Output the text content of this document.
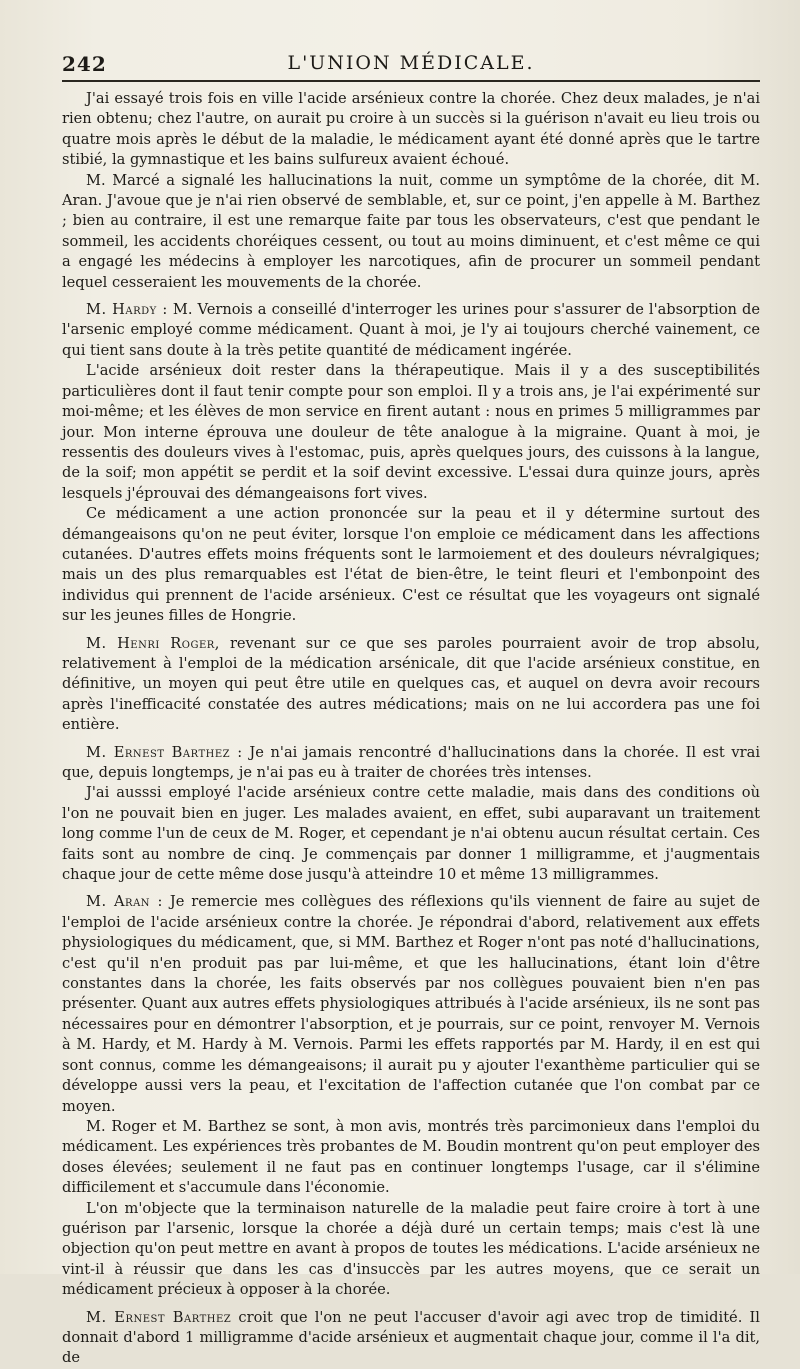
242	L'UNION MÉDICALE.

J'ai essayé trois fois en ville l'acide arsénieux contre la chorée. Chez deux malades, je n'ai rien obtenu; chez l'autre, on aurait pu croire à un succès si la guérison n'avait eu lieu trois ou quatre mois après le début de la maladie, le médicament ayant été donné après que le tartre stibié, la gymnastique et les bains sulfureux avaient échoué.

M. Marcé a signalé les hallucinations la nuit, comme un symptôme de la chorée, dit M. Aran. J'avoue que je n'ai rien observé de semblable, et, sur ce point, j'en appelle à M. Barthez ; bien au contraire, il est une remarque faite par tous les observateurs, c'est que pendant le sommeil, les accidents choréiques cessent, ou tout au moins diminuent, et c'est même ce qui a engagé les médecins à employer les narcotiques, afin de procurer un sommeil pendant lequel cesseraient les mouvements de la chorée.

M. Hardy : M. Vernois a conseillé d'interroger les urines pour s'assurer de l'absorption de l'arsenic employé comme médicament. Quant à moi, je l'y ai toujours cherché vainement, ce qui tient sans doute à la très petite quantité de médicament ingérée.

L'acide arsénieux doit rester dans la thérapeutique. Mais il y a des susceptibilités particulières dont il faut tenir compte pour son emploi. Il y a trois ans, je l'ai expérimenté sur moi-même; et les élèves de mon service en firent autant : nous en primes 5 milligrammes par jour. Mon interne éprouva une douleur de tête analogue à la migraine. Quant à moi, je ressentis des douleurs vives à l'estomac, puis, après quelques jours, des cuissons à la langue, de la soif; mon appétit se perdit et la soif devint excessive. L'essai dura quinze jours, après lesquels j'éprouvai des démangeaisons fort vives.

Ce médicament a une action prononcée sur la peau et il y détermine surtout des démangeaisons qu'on ne peut éviter, lorsque l'on emploie ce médicament dans les affections cutanées. D'autres effets moins fréquents sont le larmoiement et des douleurs névralgiques; mais un des plus remarquables est l'état de bien-être, le teint fleuri et l'embonpoint des individus qui prennent de l'acide arsénieux. C'est ce résultat que les voyageurs ont signalé sur les jeunes filles de Hongrie.

M. Henri Roger, revenant sur ce que ses paroles pourraient avoir de trop absolu, relativement à l'emploi de la médication arsénicale, dit que l'acide arsénieux constitue, en définitive, un moyen qui peut être utile en quelques cas, et auquel on devra avoir recours après l'inefficacité constatée des autres médications; mais on ne lui accordera pas une foi entière.

M. Ernest Barthez : Je n'ai jamais rencontré d'hallucinations dans la chorée. Il est vrai que, depuis longtemps, je n'ai pas eu à traiter de chorées très intenses.

J'ai ausssi employé l'acide arsénieux contre cette maladie, mais dans des conditions où l'on ne pouvait bien en juger. Les malades avaient, en effet, subi auparavant un traitement long comme l'un de ceux de M. Roger, et cependant je n'ai obtenu aucun résultat certain. Ces faits sont au nombre de cinq. Je commençais par donner 1 milligramme, et j'augmentais chaque jour de cette même dose jusqu'à atteindre 10 et même 13 milligrammes.

M. Aran : Je remercie mes collègues des réflexions qu'ils viennent de faire au sujet de l'emploi de l'acide arsénieux contre la chorée. Je répondrai d'abord, relativement aux effets physiologiques du médicament, que, si MM. Barthez et Roger n'ont pas noté d'hallucinations, c'est qu'il n'en produit pas par lui-même, et que les hallucinations, étant loin d'être constantes dans la chorée, les faits observés par nos collègues pouvaient bien n'en pas présenter. Quant aux autres effets physiologiques attribués à l'acide arsénieux, ils ne sont pas nécessaires pour en démontrer l'absorption, et je pourrais, sur ce point, renvoyer M. Vernois à M. Hardy, et M. Hardy à M. Vernois. Parmi les effets rapportés par M. Hardy, il en est qui sont connus, comme les démangeaisons; il aurait pu y ajouter l'exanthème particulier qui se développe aussi vers la peau, et l'excitation de l'affection cutanée que l'on combat par ce moyen.

M. Roger et M. Barthez se sont, à mon avis, montrés très parcimonieux dans l'emploi du médicament. Les expériences très probantes de M. Boudin montrent qu'on peut employer des doses élevées; seulement il ne faut pas en continuer longtemps l'usage, car il s'élimine difficilement et s'accumule dans l'économie.

L'on m'objecte que la terminaison naturelle de la maladie peut faire croire à tort à une guérison par l'arsenic, lorsque la chorée a déjà duré un certain temps; mais c'est là une objection qu'on peut mettre en avant à propos de toutes les médications. L'acide arsénieux ne vint-il à réussir que dans les cas d'insuccès par les autres moyens, que ce serait un médicament précieux à opposer à la chorée.

M. Ernest Barthez croit que l'on ne peut l'accuser d'avoir agi avec trop de timidité. Il donnait d'abord 1 milligramme d'acide arsénieux et augmentait chaque jour, comme il l'a dit, de
